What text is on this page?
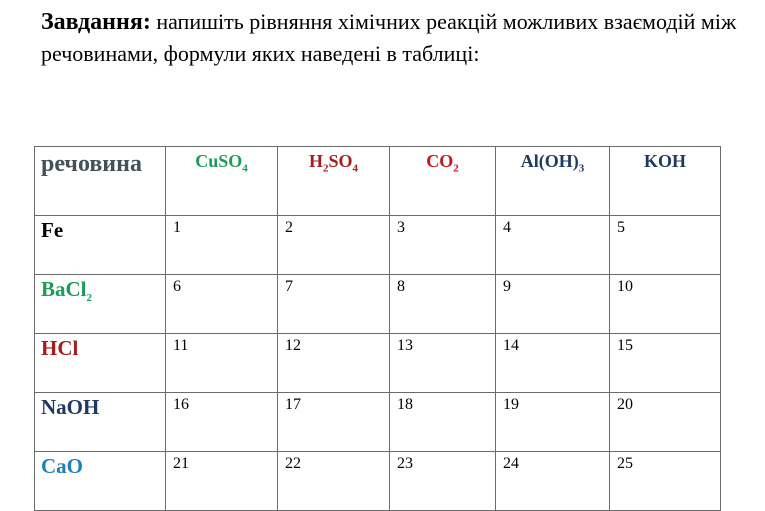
Завдання: напишіть рівняння хімічних реакцій можливих взаємодій між речовинами, формули яких наведені в таблиці:

речовина	CuSO$_4$	$H_2SO_4$	$CO_2$	$Al(OH)_3$	KOH
Fe	1	2	3	4	5
BaCl$_2$	6	7	8	9	10
HCl	11	12	13	14	15
NaOH	16	17	18	19	20
CaO	21	22	23	24	25
